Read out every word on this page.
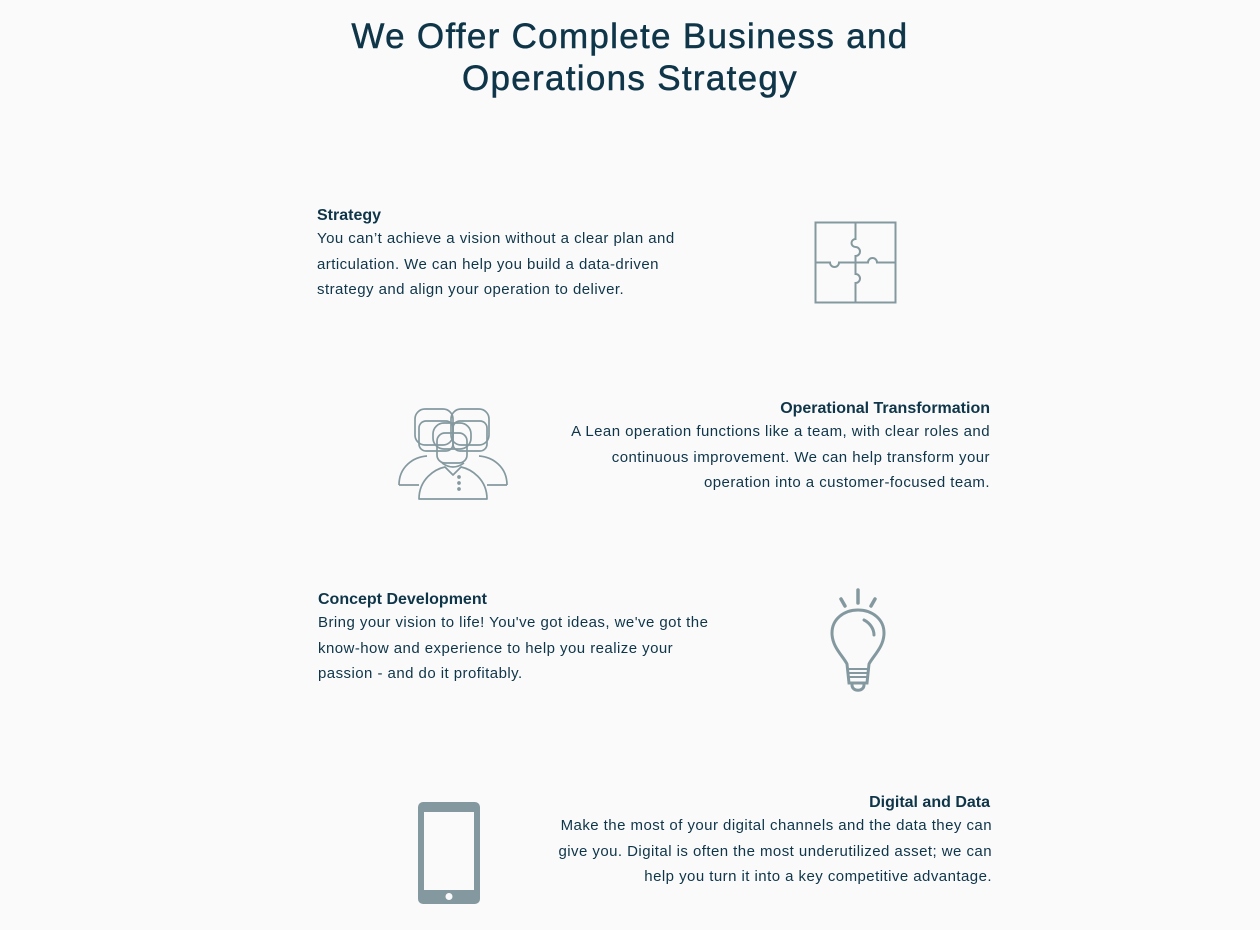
We Offer Complete Business and
Operations Strategy
Strategy

You can’t achieve a vision without a clear plan and articulation. We can help you build a data-driven strategy and align your operation to deliver.

Operational Transformation

A Lean operation functions like a team, with clear roles and continuous improvement. We can help transform your operation into a customer-focused team.

Concept Development

Bring your vision to life! You've got ideas, we've got the know-how and experience to help you realize your passion - and do it profitably.

Digital and Data

Make the most of your digital channels and the data they can give you. Digital is often the most underutilized asset; we can help you turn it into a key competitive advantage.
